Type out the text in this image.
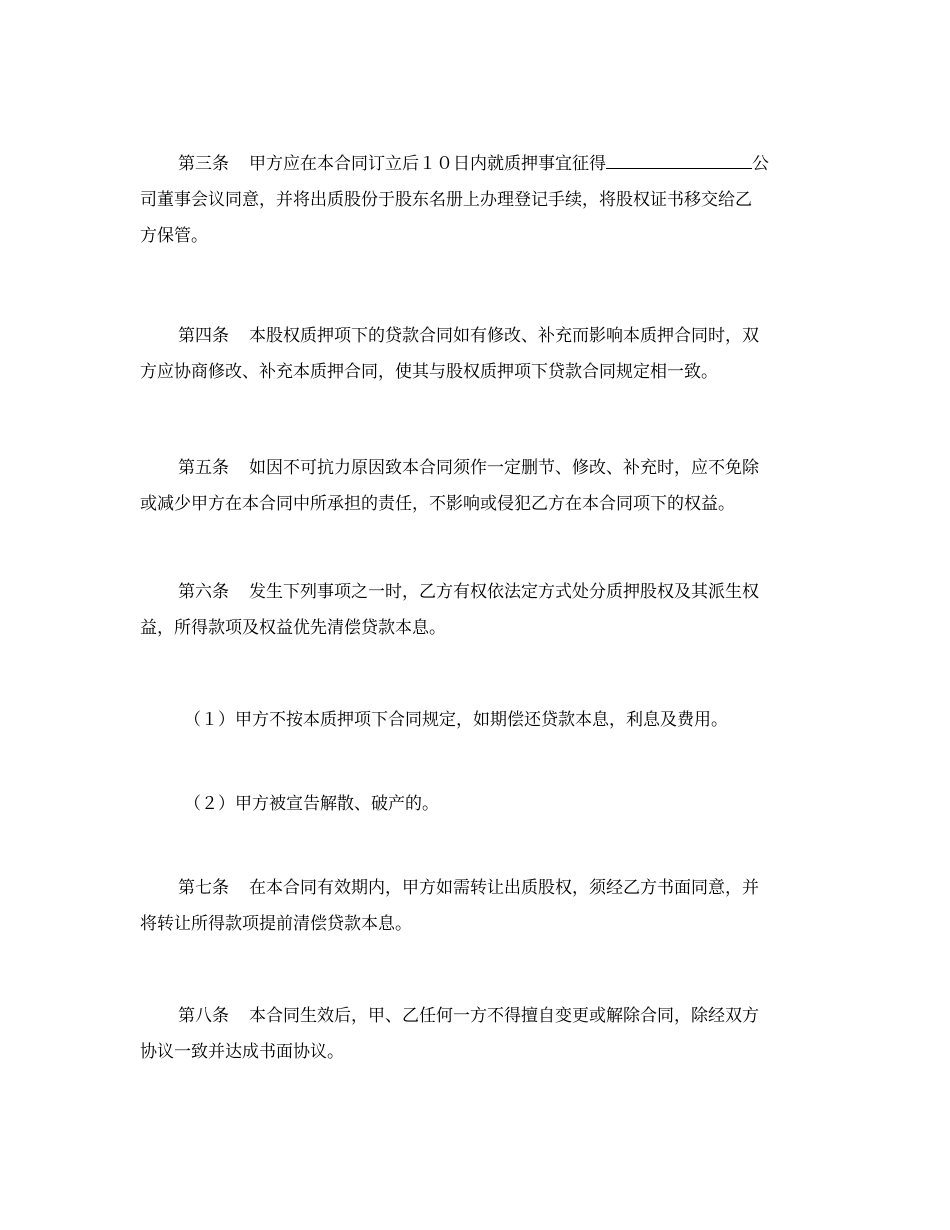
第三条 甲方应在本合同订立后１０日内就质押事宜征得	公
司董事会议同意，并将出质股份于股东名册上办理登记手续，将股权证书移交给乙
方保管。
第四条 本股权质押项下的贷款合同如有修改、补充而影响本质押合同时，双
方应协商修改、补充本质押合同，使其与股权质押项下贷款合同规定相一致。
第五条 如因不可抗力原因致本合同须作一定删节、修改、补充时，应不免除
或减少甲方在本合同中所承担的责任，不影响或侵犯乙方在本合同项下的权益。
第六条 发生下列事项之一时，乙方有权依法定方式处分质押股权及其派生权
益，所得款项及权益优先清偿贷款本息。
（１）甲方不按本质押项下合同规定，如期偿还贷款本息，利息及费用。
（２）甲方被宣告解散、破产的。
第七条 在本合同有效期内，甲方如需转让出质股权，须经乙方书面同意，并
将转让所得款项提前清偿贷款本息。
第八条 本合同生效后，甲、乙任何一方不得擅自变更或解除合同，除经双方
协议一致并达成书面协议。
